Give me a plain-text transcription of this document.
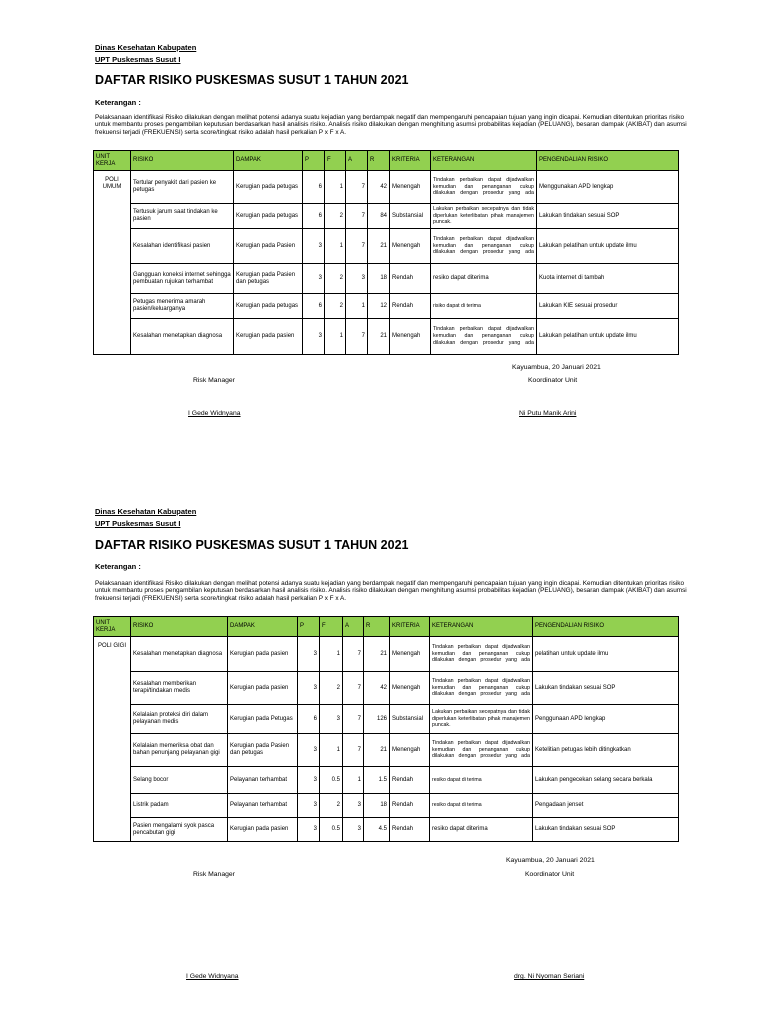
Dinas Kesehatan Kabupaten
UPT Puskesmas Susut I
DAFTAR RISIKO PUSKESMAS SUSUT 1 TAHUN 2021
Keterangan :
Pelaksanaan identifikasi Risiko dilakukan dengan melihat potensi adanya suatu kejadian yang berdampak negatif dan mempengaruhi pencapaian tujuan yang ingin dicapai. Kemudian ditentukan prioritas risiko untuk membantu proses pengambilan keputusan berdasarkan hasil analisis risiko. Analisis risiko dilakukan dengan menghitung asumsi probabilitas kejadian (PELUANG), besaran dampak (AKIBAT) dan asumsi frekuensi terjadi (FREKUENSI) serta score/tingkat risiko adalah hasil perkalian P x F x A.
UNIT KERJA	RISIKO	DAMPAK	P	F	A	R	KRITERIA	KETERANGAN	PENGENDALIAN RISIKO
POLI UMUM	Tertular penyakit dari pasien ke petugas	Kerugian pada petugas	6	1	7	42	Menengah	Tindakan perbaikan dapat dijadwalkan kemudian dan penanganan cukup dilakukan dengan prosedur yang ada	Menggunakan APD lengkap
	Tertusuk jarum saat tindakan ke pasien	Kerugian pada petugas	6	2	7	84	Substansial	Lakukan perbaikan secepatnya dan tidak diperlukan keterlibatan pihak manajemen puncak.	Lakukan tindakan sesuai SOP
	Kesalahan identifikasi pasien	Kerugian pada Pasien	3	1	7	21	Menengah	Tindakan perbaikan dapat dijadwalkan kemudian dan penanganan cukup dilakukan dengan prosedur yang ada	Lakukan pelatihan untuk update ilmu
	Gangguan koneksi internet sehingga pembuatan rujukan terhambat	Kerugian pada Pasien dan petugas	3	2	3	18	Rendah	resiko dapat diterima	Kuota internet di tambah
	Petugas menerima amarah pasien/keluarganya	Kerugian pada petugas	6	2	1	12	Rendah	risiko dapat di terima	Lakukan KIE sesuai prosedur
	Kesalahan menetapkan diagnosa	Kerugian pada pasien	3	1	7	21	Menengah	Tindakan perbaikan dapat dijadwalkan kemudian dan penanganan cukup dilakukan dengan prosedur yang ada	Lakukan pelatihan untuk update ilmu
Kayuambua, 20 Januari 2021
Risk Manager	Koordinator Unit
I Gede Widnyana	Ni Putu Manik Arini
Dinas Kesehatan Kabupaten
UPT Puskesmas Susut I
DAFTAR RISIKO PUSKESMAS SUSUT 1 TAHUN 2021
Keterangan :
Pelaksanaan identifikasi Risiko dilakukan dengan melihat potensi adanya suatu kejadian yang berdampak negatif dan mempengaruhi pencapaian tujuan yang ingin dicapai. Kemudian ditentukan prioritas risiko untuk membantu proses pengambilan keputusan berdasarkan hasil analisis risiko. Analisis risiko dilakukan dengan menghitung asumsi probabilitas kejadian (PELUANG), besaran dampak (AKIBAT) dan asumsi frekuensi terjadi (FREKUENSI) serta score/tingkat risiko adalah hasil perkalian P x F x A.
UNIT KERJA	RISIKO	DAMPAK	P	F	A	R	KRITERIA	KETERANGAN	PENGENDALIAN RISIKO
POLI GIGI	Kesalahan menetapkan diagnosa	Kerugian pada pasien	3	1	7	21	Menengah	Tindakan perbaikan dapat dijadwalkan kemudian dan penanganan cukup dilakukan dengan prosedur yang ada	pelatihan untuk update ilmu
	Kesalahan memberikan terapi/tindakan medis	Kerugian pada pasien	3	2	7	42	Menengah	Tindakan perbaikan dapat dijadwalkan kemudian dan penanganan cukup dilakukan dengan prosedur yang ada	Lakukan tindakan sesuai SOP
	Kelalaian proteksi diri dalam pelayanan medis	Kerugian pada Petugas	6	3	7	126	Substansial	Lakukan perbaikan secepatnya dan tidak diperlukan keterlibatan pihak manajemen puncak.	Penggunaan APD lengkap
	Kelalaian memeriksa obat dan bahan penunjang pelayanan gigi	Kerugian pada Pasien dan petugas	3	1	7	21	Menengah	Tindakan perbaikan dapat dijadwalkan kemudian dan penanganan cukup dilakukan dengan prosedur yang ada	Ketelitian petugas lebih ditingkatkan
	Selang bocor	Pelayanan terhambat	3	0.5	1	1.5	Rendah	resiko dapat di terima	Lakukan pengecekan selang secara berkala
	Listrik padam	Pelayanan terhambat	3	2	3	18	Rendah	resiko dapat di terima	Pengadaan jenset
	Pasien mengalami syok pasca pencabutan gigi	Kerugian pada pasien	3	0.5	3	4.5	Rendah	resiko dapat diterima	Lakukan tindakan sesuai SOP
Kayuambua, 20 Januari 2021
Risk Manager	Koordinator Unit
I Gede Widnyana	drg. Ni Nyoman Seriani
